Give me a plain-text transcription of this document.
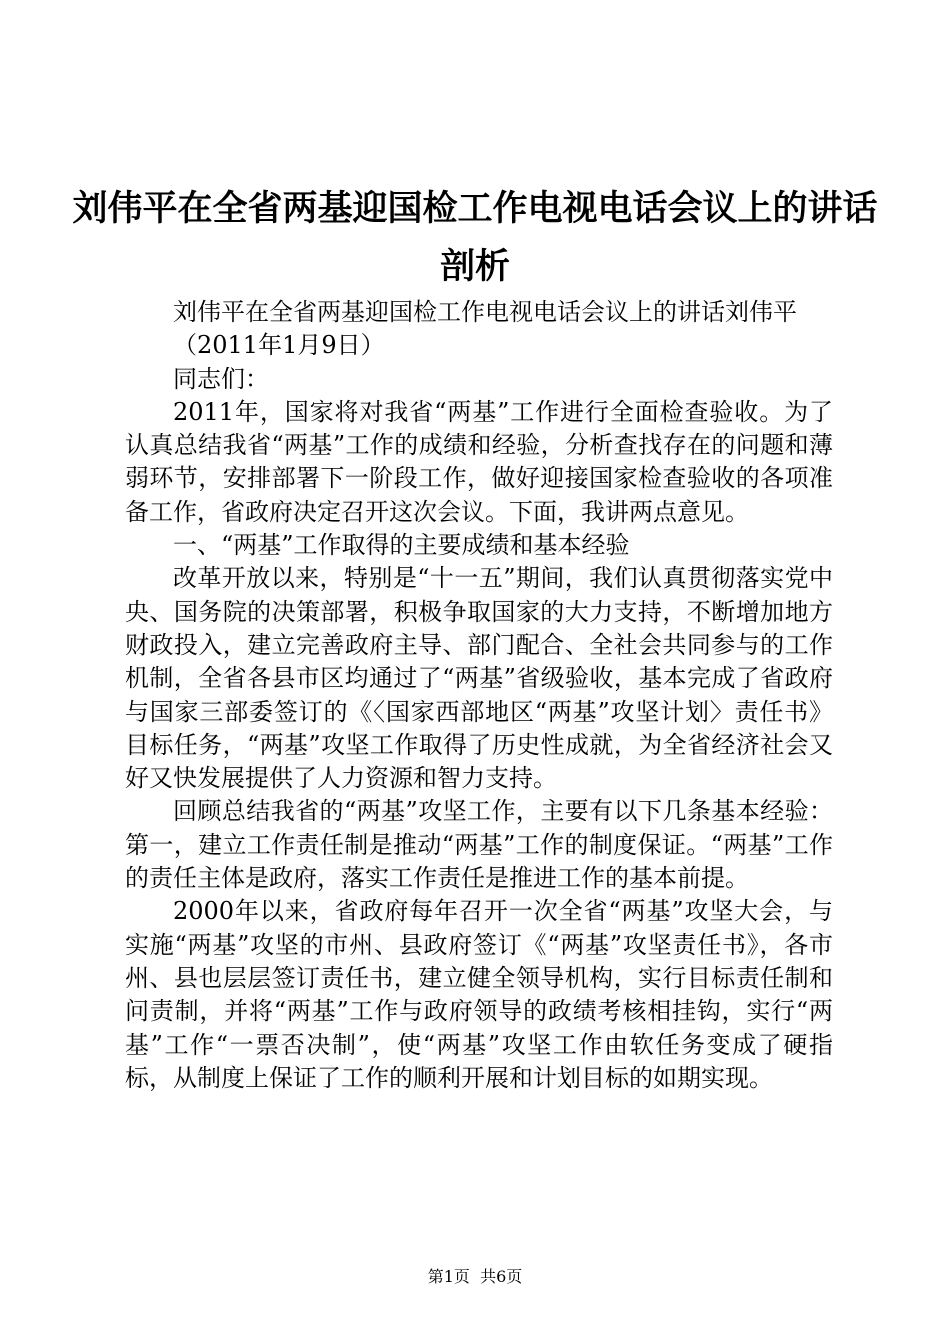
刘伟平在全省两基迎国检工作电视电话会议上的讲话剖析

刘伟平在全省两基迎国检工作电视电话会议上的讲话刘伟平

（2011年1月9日）

同志们：

2011年，国家将对我省“两基”工作进行全面检查验收。为了认真总结我省“两基”工作的成绩和经验，分析查找存在的问题和薄弱环节，安排部署下一阶段工作，做好迎接国家检查验收的各项准备工作，省政府决定召开这次会议。下面，我讲两点意见。

一、“两基”工作取得的主要成绩和基本经验

改革开放以来，特别是“十一五”期间，我们认真贯彻落实党中央、国务院的决策部署，积极争取国家的大力支持，不断增加地方财政投入，建立完善政府主导、部门配合、全社会共同参与的工作机制，全省各县市区均通过了“两基”省级验收，基本完成了省政府与国家三部委签订的《〈国家西部地区“两基”攻坚计划〉责任书》目标任务，“两基”攻坚工作取得了历史性成就，为全省经济社会又好又快发展提供了人力资源和智力支持。

回顾总结我省的“两基”攻坚工作，主要有以下几条基本经验：第一，建立工作责任制是推动“两基”工作的制度保证。“两基”工作的责任主体是政府，落实工作责任是推进工作的基本前提。

2000年以来，省政府每年召开一次全省“两基”攻坚大会，与实施“两基”攻坚的市州、县政府签订《“两基”攻坚责任书》，各市州、县也层层签订责任书，建立健全领导机构，实行目标责任制和问责制，并将“两基”工作与政府领导的政绩考核相挂钩，实行“两基”工作“一票否决制”，使“两基”攻坚工作由软任务变成了硬指标，从制度上保证了工作的顺利开展和计划目标的如期实现。

第1页 共6页
